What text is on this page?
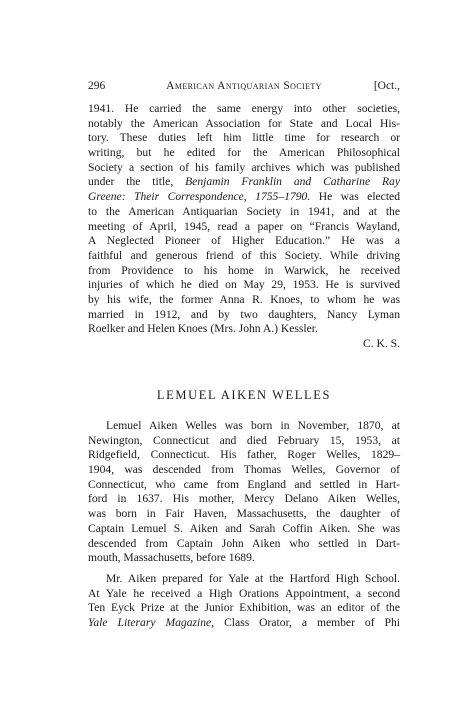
296	American Antiquarian Society	[Oct.,
1941. He carried the same energy into other societies,
notably the American Association for State and Local His-
tory. These duties left him little time for research or
writing, but he edited for the American Philosophical
Society a section of his family archives which was published
under the title, Benjamin Franklin and Catharine Ray
Greene: Their Correspondence, 1755–1790. He was elected
to the American Antiquarian Society in 1941, and at the
meeting of April, 1945, read a paper on “Francis Wayland,
A Neglected Pioneer of Higher Education.” He was a
faithful and generous friend of this Society. While driving
from Providence to his home in Warwick, he received
injuries of which he died on May 29, 1953. He is survived
by his wife, the former Anna R. Knoes, to whom he was
married in 1912, and by two daughters, Nancy Lyman
Roelker and Helen Knoes (Mrs. John A.) Kessler.
C. K. S.
LEMUEL AIKEN WELLES
Lemuel Aiken Welles was born in November, 1870, at
Newington, Connecticut and died February 15, 1953, at
Ridgefield, Connecticut. His father, Roger Welles, 1829–
1904, was descended from Thomas Welles, Governor of
Connecticut, who came from England and settled in Hart-
ford in 1637. His mother, Mercy Delano Aiken Welles,
was born in Fair Haven, Massachusetts, the daughter of
Captain Lemuel S. Aiken and Sarah Coffin Aiken. She was
descended from Captain John Aiken who settled in Dart-
mouth, Massachusetts, before 1689.
Mr. Aiken prepared for Yale at the Hartford High School.
At Yale he received a High Orations Appointment, a second
Ten Eyck Prize at the Junior Exhibition, was an editor of the
Yale Literary Magazine, Class Orator, a member of Phi
